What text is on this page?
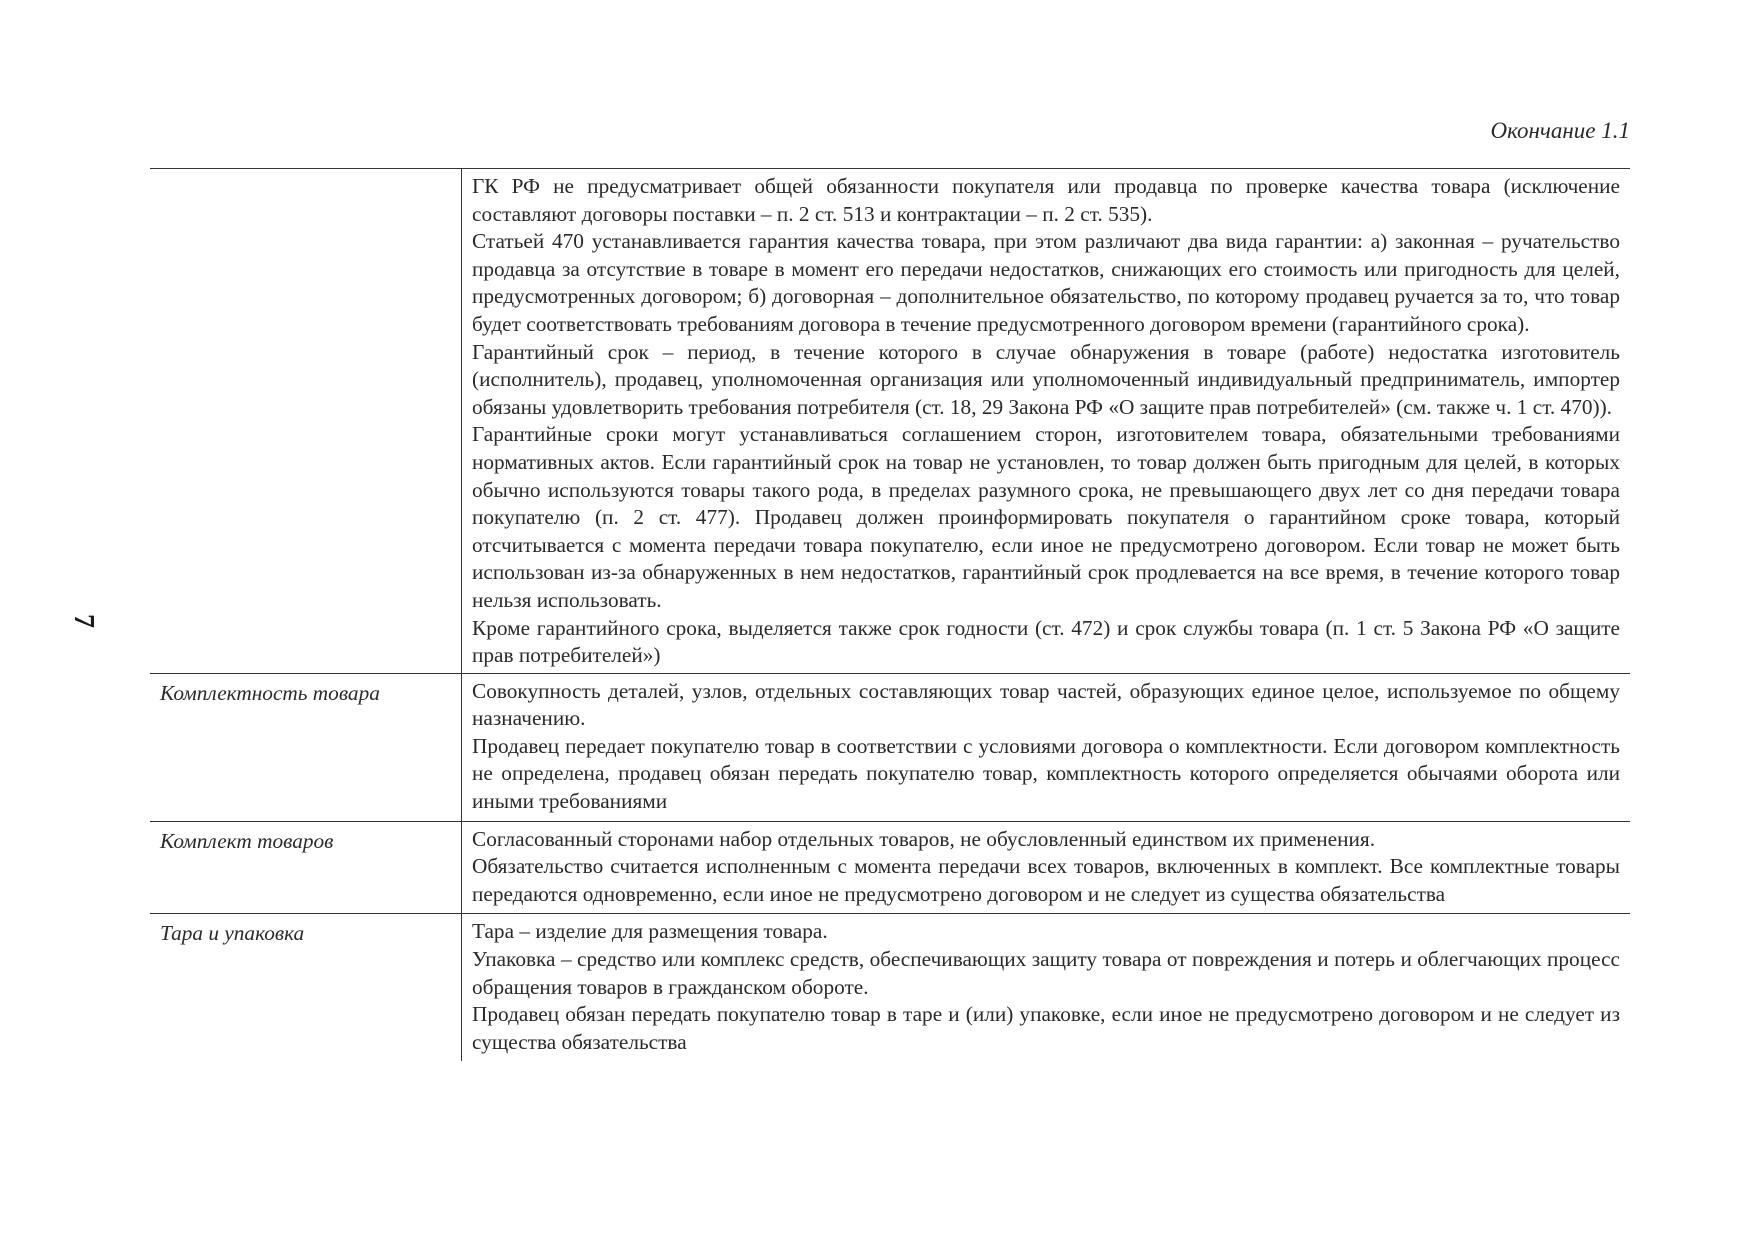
Окончание 1.1
7

	ГК РФ не предусматривает общей обязанности покупателя или продавца по проверке качества товара (исключение составляют договоры поставки – п. 2 ст. 513 и контрактации – п. 2 ст. 535).

Статьей 470 устанавливается гарантия качества товара, при этом различают два вида гарантии: а) законная – ручательство продавца за отсутствие в товаре в момент его передачи недостатков, снижающих его стоимость или пригодность для целей, предусмотренных договором; б) договорная – дополнительное обязательство, по которому продавец ручается за то, что товар будет соответствовать требованиям договора в течение предусмотренного договором времени (гарантийного срока).

Гарантийный срок – период, в течение которого в случае обнаружения в товаре (работе) недостатка изготовитель (исполнитель), продавец, уполномоченная организация или уполномоченный индивидуальный предприниматель, импортер обязаны удовлетворить требования потребителя (ст. 18, 29 Закона РФ «О защите прав потребителей» (см. также ч. 1 ст. 470)).

Гарантийные сроки могут устанавливаться соглашением сторон, изготовителем товара, обязательными требованиями нормативных актов. Если гарантийный срок на товар не установлен, то товар должен быть пригодным для целей, в которых обычно используются товары такого рода, в пределах разумного срока, не превышающего двух лет со дня передачи товара покупателю (п. 2 ст. 477). Продавец должен проинформировать покупателя о гарантийном сроке товара, который отсчитывается с момента передачи товара покупателю, если иное не предусмотрено договором. Если товар не может быть использован из-за обнаруженных в нем недостатков, гарантийный срок продлевается на все время, в течение которого товар нельзя использовать.

Кроме гарантийного срока, выделяется также срок годности (ст. 472) и срок службы товара (п. 1 ст. 5 Закона РФ «О защите прав потребителей»)

Комплектность товара	Совокупность деталей, узлов, отдельных составляющих товар частей, образующих единое целое, используемое по общему назначению.

Продавец передает покупателю товар в соответствии с условиями договора о комплектности. Если договором комплектность не определена, продавец обязан передать покупателю товар, комплектность которого определяется обычаями оборота или иными требованиями

Комплект товаров	Согласованный сторонами набор отдельных товаров, не обусловленный единством их применения.

Обязательство считается исполненным с момента передачи всех товаров, включенных в комплект. Все комплектные товары передаются одновременно, если иное не предусмотрено договором и не следует из существа обязательства

Тара и упаковка	Тара – изделие для размещения товара.

Упаковка – средство или комплекс средств, обеспечивающих защиту товара от повреждения и потерь и облегчающих процесс обращения товаров в гражданском обороте.

Продавец обязан передать покупателю товар в таре и (или) упаковке, если иное не предусмотрено договором и не следует из существа обязательства
